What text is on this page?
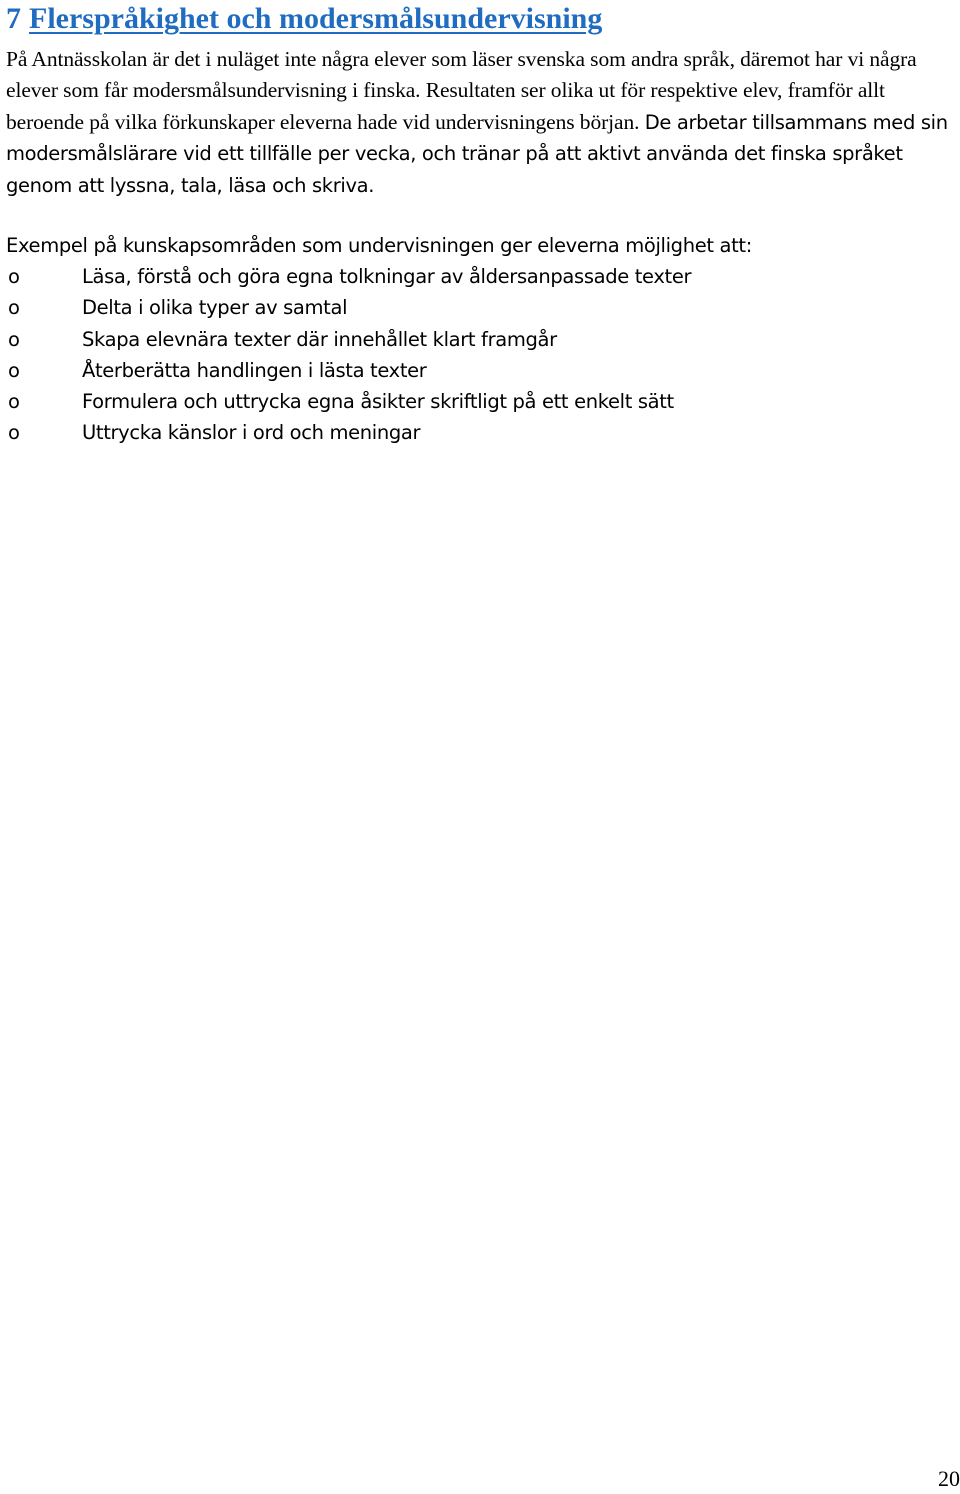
7 Flerspråkighet och modersmålsundervisning

På Antnässkolan är det i nuläget inte några elever som läser svenska som andra språk, däremot har vi några elever som får modersmålsundervisning i finska. Resultaten ser olika ut för respektive elev, framför allt beroende på vilka förkunskaper eleverna hade vid undervisningens början. De arbetar tillsammans med sin modersmålslärare vid ett tillfälle per vecka, och tränar på att aktivt använda det finska språket genom att lyssna, tala, läsa och skriva.

Exempel på kunskapsområden som undervisningen ger eleverna möjlighet att:

o	Läsa, förstå och göra egna tolkningar av åldersanpassade texter
o	Delta i olika typer av samtal
o	Skapa elevnära texter där innehållet klart framgår
o	Återberätta handlingen i lästa texter
o	Formulera och uttrycka egna åsikter skriftligt på ett enkelt sätt
o	Uttrycka känslor i ord och meningar
20
